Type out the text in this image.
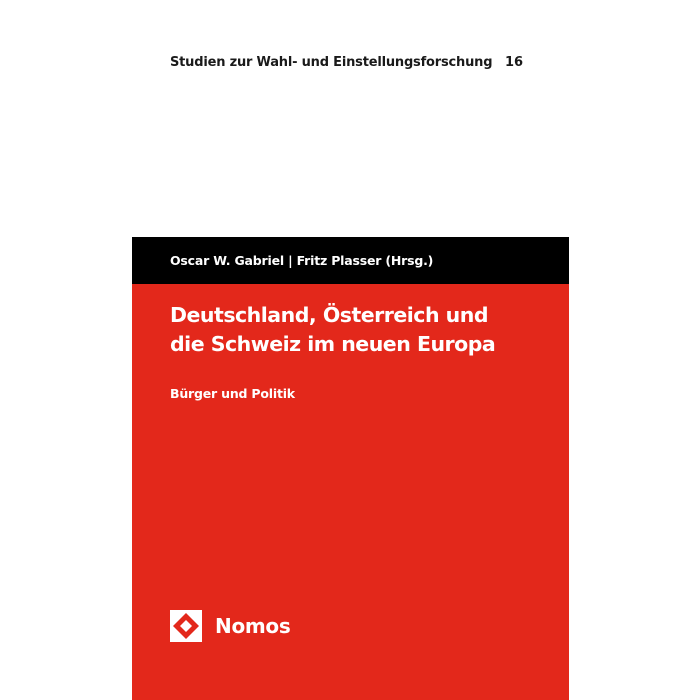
Studien zur Wahl- und Einstellungsforschung 16
Oscar W. Gabriel | Fritz Plasser (Hrsg.)
Deutschland, Österreich und
die Schweiz im neuen Europa
Bürger und Politik
Nomos
